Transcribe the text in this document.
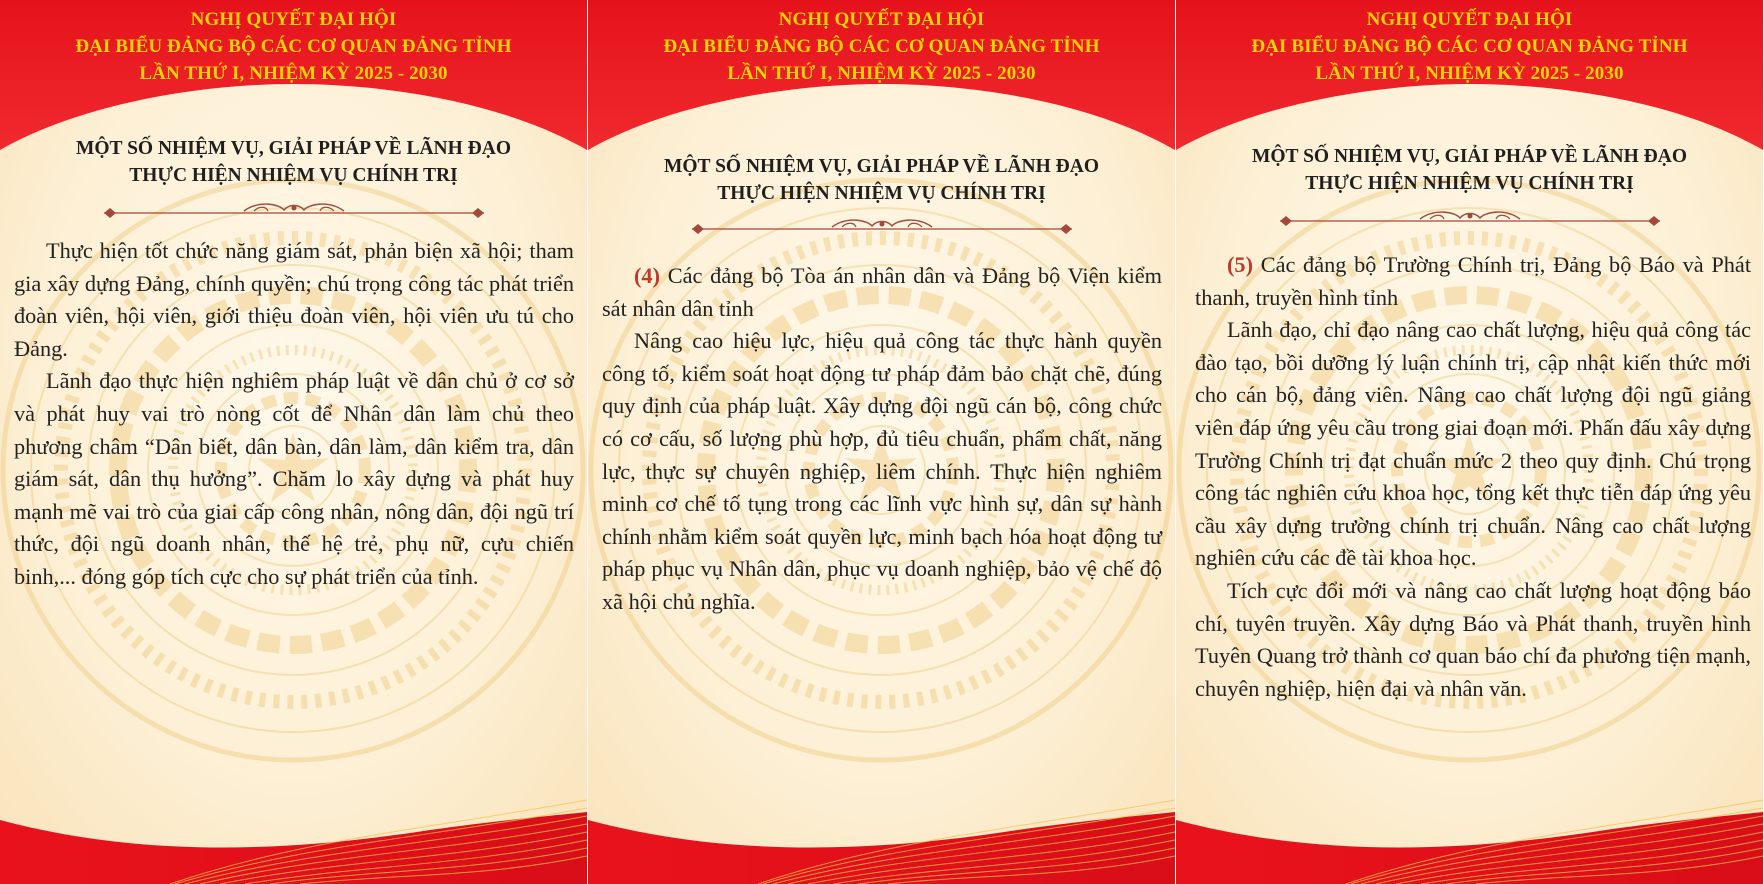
NGHỊ QUYẾT ĐẠI HỘI
ĐẠI BIỂU ĐẢNG BỘ CÁC CƠ QUAN ĐẢNG TỈNH
LẦN THỨ I, NHIỆM KỲ 2025 - 2030
MỘT SỐ NHIỆM VỤ, GIẢI PHÁP VỀ LÃNH ĐẠO
THỰC HIỆN NHIỆM VỤ CHÍNH TRỊ

Thực hiện tốt chức năng giám sát, phản biện xã hội; tham gia xây dựng Đảng, chính quyền; chú trọng công tác phát triển đoàn viên, hội viên, giới thiệu đoàn viên, hội viên ưu tú cho Đảng.

Lãnh đạo thực hiện nghiêm pháp luật về dân chủ ở cơ sở và phát huy vai trò nòng cốt để Nhân dân làm chủ theo phương châm “Dân biết, dân bàn, dân làm, dân kiểm tra, dân giám sát, dân thụ hưởng”. Chăm lo xây dựng và phát huy mạnh mẽ vai trò của giai cấp công nhân, nông dân, đội ngũ trí thức, đội ngũ doanh nhân, thế hệ trẻ, phụ nữ, cựu chiến binh,... đóng góp tích cực cho sự phát triển của tỉnh.

NGHỊ QUYẾT ĐẠI HỘI
ĐẠI BIỂU ĐẢNG BỘ CÁC CƠ QUAN ĐẢNG TỈNH
LẦN THỨ I, NHIỆM KỲ 2025 - 2030
MỘT SỐ NHIỆM VỤ, GIẢI PHÁP VỀ LÃNH ĐẠO
THỰC HIỆN NHIỆM VỤ CHÍNH TRỊ

(4) Các đảng bộ Tòa án nhân dân và Đảng bộ Viện kiểm sát nhân dân tỉnh

Nâng cao hiệu lực, hiệu quả công tác thực hành quyền công tố, kiểm soát hoạt động tư pháp đảm bảo chặt chẽ, đúng quy định của pháp luật. Xây dựng đội ngũ cán bộ, công chức có cơ cấu, số lượng phù hợp, đủ tiêu chuẩn, phẩm chất, năng lực, thực sự chuyên nghiệp, liêm chính. Thực hiện nghiêm minh cơ chế tố tụng trong các lĩnh vực hình sự, dân sự hành chính nhằm kiểm soát quyền lực, minh bạch hóa hoạt động tư pháp phục vụ Nhân dân, phục vụ doanh nghiệp, bảo vệ chế độ xã hội chủ nghĩa.

NGHỊ QUYẾT ĐẠI HỘI
ĐẠI BIỂU ĐẢNG BỘ CÁC CƠ QUAN ĐẢNG TỈNH
LẦN THỨ I, NHIỆM KỲ 2025 - 2030
MỘT SỐ NHIỆM VỤ, GIẢI PHÁP VỀ LÃNH ĐẠO
THỰC HIỆN NHIỆM VỤ CHÍNH TRỊ

(5) Các đảng bộ Trường Chính trị, Đảng bộ Báo và Phát thanh, truyền hình tỉnh

Lãnh đạo, chỉ đạo nâng cao chất lượng, hiệu quả công tác đào tạo, bồi dưỡng lý luận chính trị, cập nhật kiến thức mới cho cán bộ, đảng viên. Nâng cao chất lượng đội ngũ giảng viên đáp ứng yêu cầu trong giai đoạn mới. Phấn đấu xây dựng Trường Chính trị đạt chuẩn mức 2 theo quy định. Chú trọng công tác nghiên cứu khoa học, tổng kết thực tiễn đáp ứng yêu cầu xây dựng trường chính trị chuẩn. Nâng cao chất lượng nghiên cứu các đề tài khoa học.

Tích cực đổi mới và nâng cao chất lượng hoạt động báo chí, tuyên truyền. Xây dựng Báo và Phát thanh, truyền hình Tuyên Quang trở thành cơ quan báo chí đa phương tiện mạnh, chuyên nghiệp, hiện đại và nhân văn.
